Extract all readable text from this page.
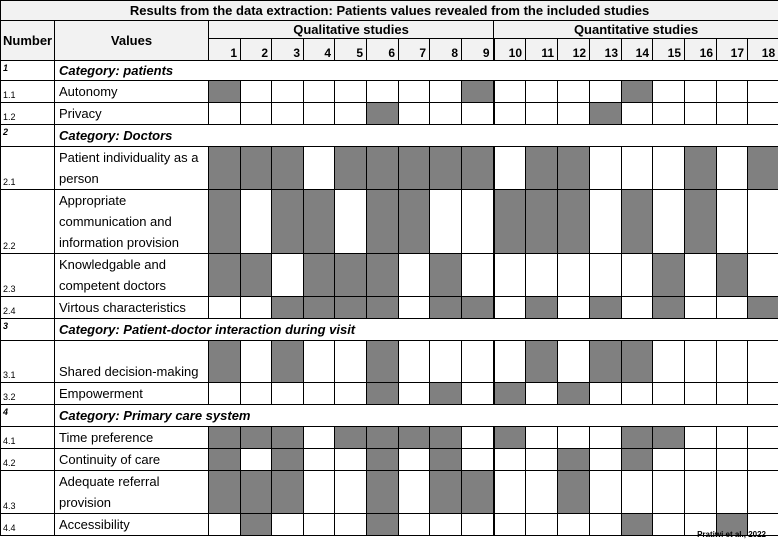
Results from the data extraction: Patients values revealed from the included studies																			
Number	Values	Qualitative studies									Quantitative studies								
		1	2	3	4	5	6	7	8	9	10	11	12	13	14	15	16	17	18
1	Category: patients																		
1.1	Autonomy																		
1.2	Privacy																		
2	Category: Doctors																		
2.1	Patient individuality as a person																		
2.2	Appropriate communication and information provision																		
2.3	Knowledgable and competent doctors																		
2.4	Virtous characteristics																		
3	Category: Patient-doctor interaction during visit																		
3.1	Shared decision-making																		
3.2	Empowerment																		
4	Category: Primary care system																		
4.1	Time preference																		
4.2	Continuity of care																		
4.3	Adequate referral provision																		
4.4	Accessibility																		
Pratiwi et al., 2022
